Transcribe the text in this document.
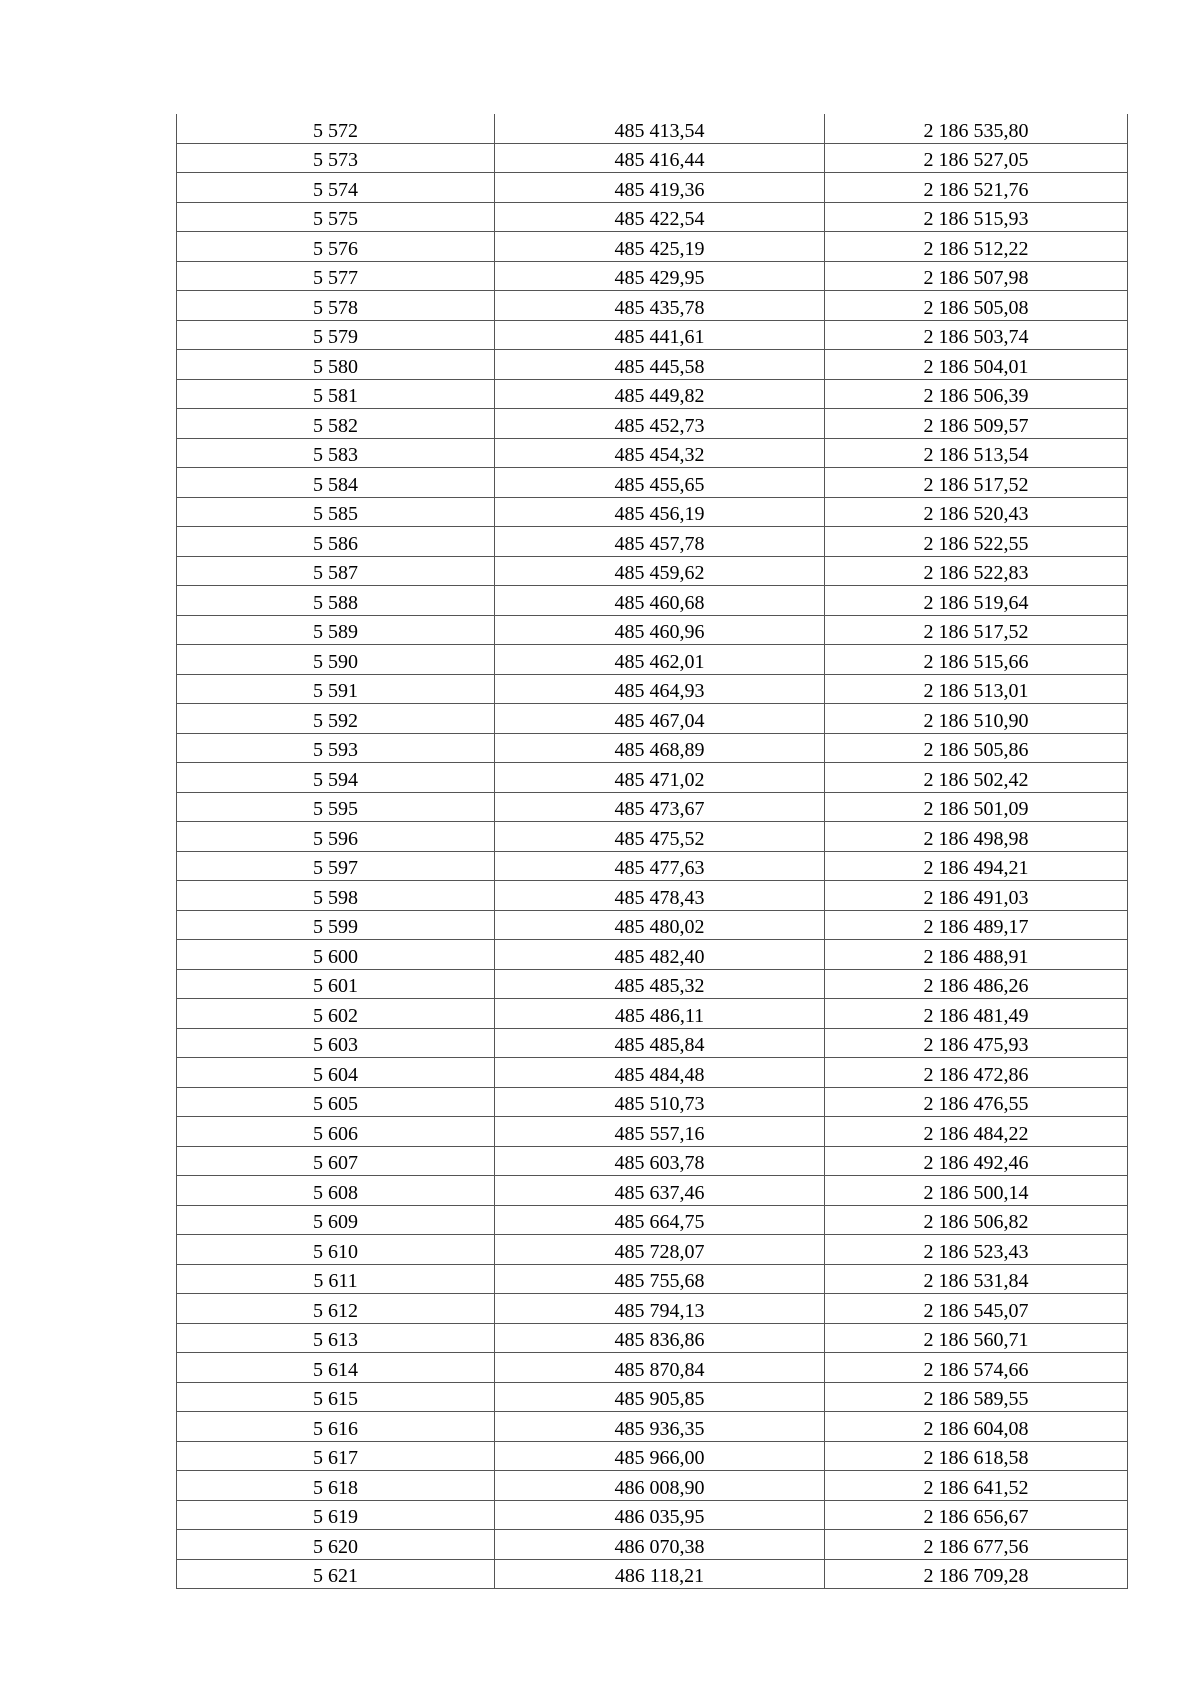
5 572	485 413,54	2 186 535,80
5 573	485 416,44	2 186 527,05
5 574	485 419,36	2 186 521,76
5 575	485 422,54	2 186 515,93
5 576	485 425,19	2 186 512,22
5 577	485 429,95	2 186 507,98
5 578	485 435,78	2 186 505,08
5 579	485 441,61	2 186 503,74
5 580	485 445,58	2 186 504,01
5 581	485 449,82	2 186 506,39
5 582	485 452,73	2 186 509,57
5 583	485 454,32	2 186 513,54
5 584	485 455,65	2 186 517,52
5 585	485 456,19	2 186 520,43
5 586	485 457,78	2 186 522,55
5 587	485 459,62	2 186 522,83
5 588	485 460,68	2 186 519,64
5 589	485 460,96	2 186 517,52
5 590	485 462,01	2 186 515,66
5 591	485 464,93	2 186 513,01
5 592	485 467,04	2 186 510,90
5 593	485 468,89	2 186 505,86
5 594	485 471,02	2 186 502,42
5 595	485 473,67	2 186 501,09
5 596	485 475,52	2 186 498,98
5 597	485 477,63	2 186 494,21
5 598	485 478,43	2 186 491,03
5 599	485 480,02	2 186 489,17
5 600	485 482,40	2 186 488,91
5 601	485 485,32	2 186 486,26
5 602	485 486,11	2 186 481,49
5 603	485 485,84	2 186 475,93
5 604	485 484,48	2 186 472,86
5 605	485 510,73	2 186 476,55
5 606	485 557,16	2 186 484,22
5 607	485 603,78	2 186 492,46
5 608	485 637,46	2 186 500,14
5 609	485 664,75	2 186 506,82
5 610	485 728,07	2 186 523,43
5 611	485 755,68	2 186 531,84
5 612	485 794,13	2 186 545,07
5 613	485 836,86	2 186 560,71
5 614	485 870,84	2 186 574,66
5 615	485 905,85	2 186 589,55
5 616	485 936,35	2 186 604,08
5 617	485 966,00	2 186 618,58
5 618	486 008,90	2 186 641,52
5 619	486 035,95	2 186 656,67
5 620	486 070,38	2 186 677,56
5 621	486 118,21	2 186 709,28
